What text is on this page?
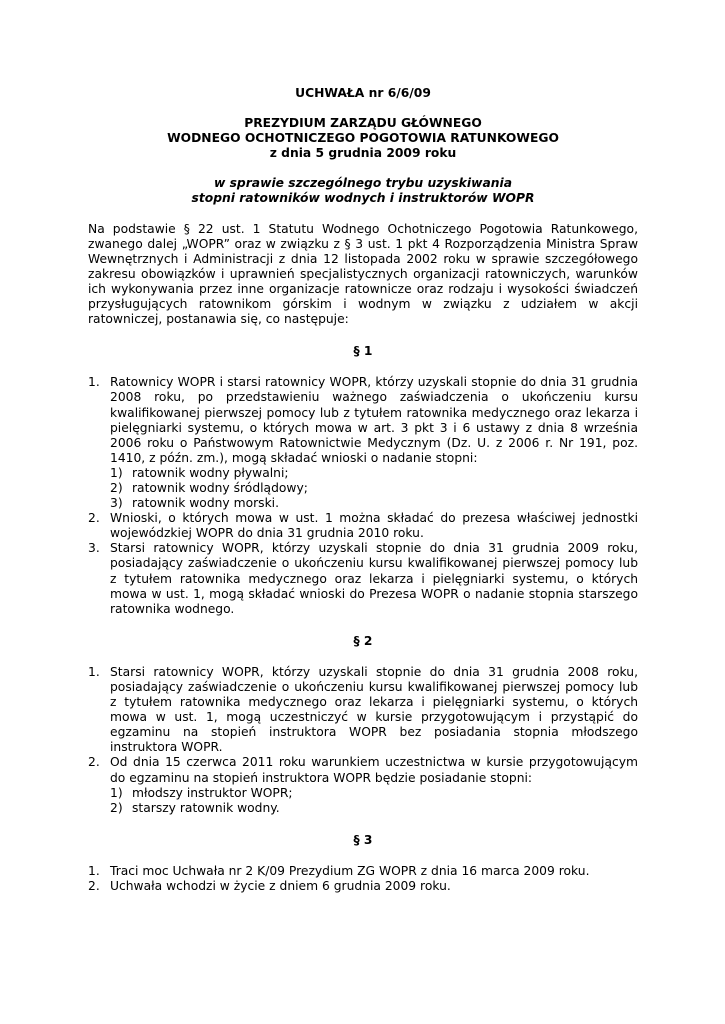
UCHWAŁA nr 6/6/09
PREZYDIUM ZARZĄDU GŁÓWNEGO
WODNEGO OCHOTNICZEGO POGOTOWIA RATUNKOWEGO
z dnia 5 grudnia 2009 roku
w sprawie szczególnego trybu uzyskiwania
stopni ratowników wodnych i instruktorów WOPR
Na podstawie § 22 ust. 1 Statutu Wodnego Ochotniczego Pogotowia Ratunkowego, zwanego dalej „WOPR” oraz w związku z § 3 ust. 1 pkt 4 Rozporządzenia Ministra Spraw Wewnętrznych i Administracji z dnia 12 listopada 2002 roku w sprawie szczegółowego zakresu obowiązków i uprawnień specjalistycznych organizacji ratowniczych, warunków ich wykonywania przez inne organizacje ratownicze oraz rodzaju i wysokości świadczeń przysługujących ratownikom górskim i wodnym w związku z udziałem w akcji ratowniczej, postanawia się, co następuje:
§ 1
1. Ratownicy WOPR i starsi ratownicy WOPR, którzy uzyskali stopnie do dnia 31 grudnia 2008 roku, po przedstawieniu ważnego zaświadczenia o ukończeniu kursu kwalifikowanej pierwszej pomocy lub z tytułem ratownika medycznego oraz lekarza i pielęgniarki systemu, o których mowa w art. 3 pkt 3 i 6 ustawy z dnia 8 września 2006 roku o Państwowym Ratownictwie Medycznym (Dz. U. z 2006 r. Nr 191, poz. 1410, z późn. zm.), mogą składać wnioski o nadanie stopni:
1) ratownik wodny pływalni;
2) ratownik wodny śródlądowy;
3) ratownik wodny morski.
2. Wnioski, o których mowa w ust. 1 można składać do prezesa właściwej jednostki wojewódzkiej WOPR do dnia 31 grudnia 2010 roku.
3. Starsi ratownicy WOPR, którzy uzyskali stopnie do dnia 31 grudnia 2009 roku, posiadający zaświadczenie o ukończeniu kursu kwalifikowanej pierwszej pomocy lub z tytułem ratownika medycznego oraz lekarza i pielęgniarki systemu, o których mowa w ust. 1, mogą składać wnioski do Prezesa WOPR o nadanie stopnia starszego ratownika wodnego.
§ 2
1. Starsi ratownicy WOPR, którzy uzyskali stopnie do dnia 31 grudnia 2008 roku, posiadający zaświadczenie o ukończeniu kursu kwalifikowanej pierwszej pomocy lub z tytułem ratownika medycznego oraz lekarza i pielęgniarki systemu, o których mowa w ust. 1, mogą uczestniczyć w kursie przygotowującym i przystąpić do egzaminu na stopień instruktora WOPR bez posiadania stopnia młodszego instruktora WOPR.
2. Od dnia 15 czerwca 2011 roku warunkiem uczestnictwa w kursie przygotowującym do egzaminu na stopień instruktora WOPR będzie posiadanie stopni:
1) młodszy instruktor WOPR;
2) starszy ratownik wodny.
§ 3
1. Traci moc Uchwała nr 2 K/09 Prezydium ZG WOPR z dnia 16 marca 2009 roku.
2. Uchwała wchodzi w życie z dniem 6 grudnia 2009 roku.
